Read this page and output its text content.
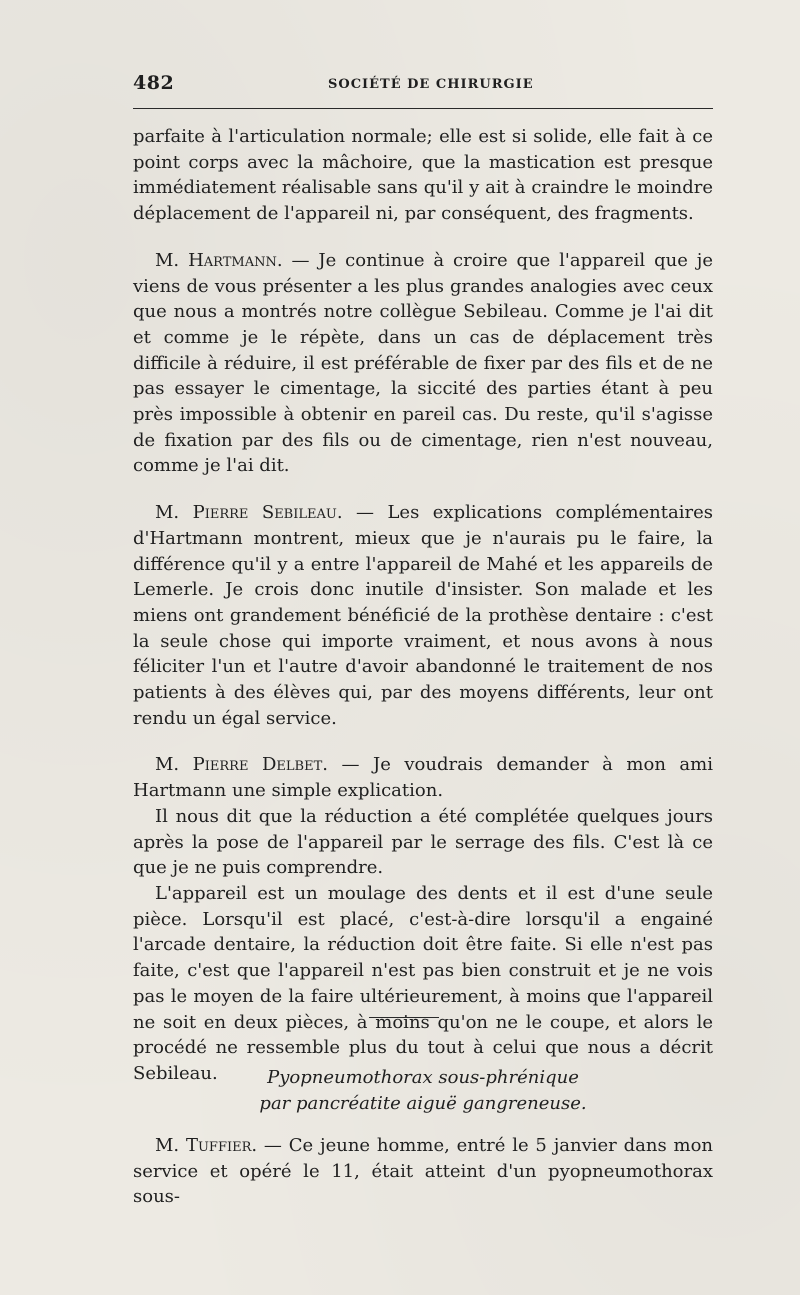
482	SOCIÉTÉ DE CHIRURGIE

parfaite à l'articulation normale; elle est si solide, elle fait à ce point corps avec la mâchoire, que la mastication est presque immédiatement réalisable sans qu'il y ait à craindre le moindre déplacement de l'appareil ni, par conséquent, des fragments.

M. Hartmann. — Je continue à croire que l'appareil que je viens de vous présenter a les plus grandes analogies avec ceux que nous a montrés notre collègue Sebileau. Comme je l'ai dit et comme je le répète, dans un cas de déplacement très difficile à réduire, il est préférable de fixer par des fils et de ne pas essayer le cimentage, la siccité des parties étant à peu près impossible à obtenir en pareil cas. Du reste, qu'il s'agisse de fixation par des fils ou de cimentage, rien n'est nouveau, comme je l'ai dit.

M. Pierre Sebileau. — Les explications complémentaires d'Hartmann montrent, mieux que je n'aurais pu le faire, la différence qu'il y a entre l'appareil de Mahé et les appareils de Lemerle. Je crois donc inutile d'insister. Son malade et les miens ont grandement bénéficié de la prothèse dentaire : c'est la seule chose qui importe vraiment, et nous avons à nous féliciter l'un et l'autre d'avoir abandonné le traitement de nos patients à des élèves qui, par des moyens différents, leur ont rendu un égal service.

M. Pierre Delbet. — Je voudrais demander à mon ami Hartmann une simple explication.

Il nous dit que la réduction a été complétée quelques jours après la pose de l'appareil par le serrage des fils. C'est là ce que je ne puis comprendre.

L'appareil est un moulage des dents et il est d'une seule pièce. Lorsqu'il est placé, c'est-à-dire lorsqu'il a engainé l'arcade dentaire, la réduction doit être faite. Si elle n'est pas faite, c'est que l'appareil n'est pas bien construit et je ne vois pas le moyen de la faire ultérieurement, à moins que l'appareil ne soit en deux pièces, à moins qu'on ne le coupe, et alors le procédé ne ressemble plus du tout à celui que nous a décrit Sebileau.	Pyopneumothorax sous-phrénique
par pancréatite aiguë gangreneuse.

M. Tuffier. — Ce jeune homme, entré le 5 janvier dans mon service et opéré le 11, était atteint d'un pyopneumothorax sous-
